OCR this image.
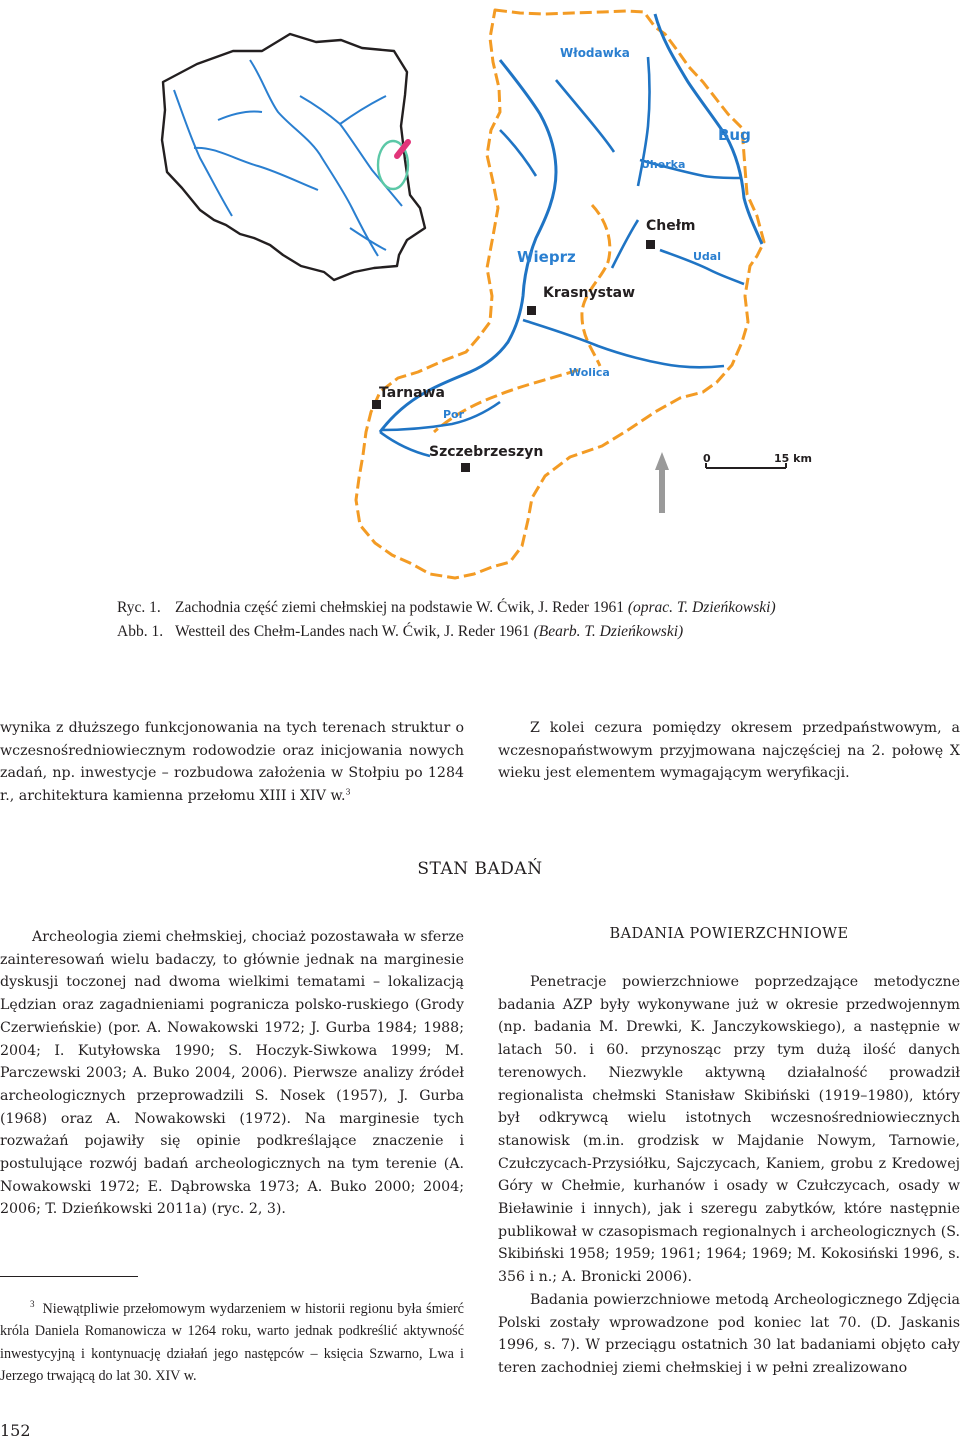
Włodawka
Bug
Uherka
Chełm
Udal
Wieprz
Krasnystaw
Wolica
Tarnawa
Por
Szczebrzeszyn	0	15 km
Ryc. 1. Zachodnia część ziemi chełmskiej na podstawie W. Ćwik, J. Reder 1961 (oprac. T. Dzieńkowski)
Abb. 1. Westteil des Chełm-Landes nach W. Ćwik, J. Reder 1961 (Bearb. T. Dzieńkowski)

wynika z dłuższego funkcjonowania na tych terenach struktur o wczesnośredniowiecznym rodowodzie oraz inicjowania nowych zadań, np. inwestycje – rozbudowa założenia w Stołpiu po 1284 r., architektura kamienna przełomu XIII i XIV w.$^3$

Z kolei cezura pomiędzy okresem przedpaństwowym, a wczesnopaństwowym przyjmowana najczęściej na 2. połowę X wieku jest elementem wymagającym weryfikacji.

STAN BADAŃ

Archeologia ziemi chełmskiej, chociaż pozostawała w sferze zainteresowań wielu badaczy, to głównie jednak na marginesie dyskusji toczonej nad dwoma wielkimi tematami – lokalizacją Lędzian oraz zagadnieniami pogranicza polsko-ruskiego (Grody Czerwieńskie) (por. A. Nowakowski 1972; J. Gurba 1984; 1988; 2004; I. Kutyłowska 1990; S. Hoczyk-Siwkowa 1999; M. Parczewski 2003; A. Buko 2004, 2006). Pierwsze analizy źródeł archeologicznych przeprowadzili S. Nosek (1957), J. Gurba (1968) oraz A. Nowakowski (1972). Na marginesie tych rozważań pojawiły się opinie podkreślające znaczenie i postulujące rozwój badań archeologicznych na tym terenie (A. Nowakowski 1972; E. Dąbrowska 1973; A. Buko 2000; 2004; 2006; T. Dzieńkowski 2011a) (ryc. 2, 3).

BADANIA POWIERZCHNIOWE

Penetracje powierzchniowe poprzedzające metodyczne badania AZP były wykonywane już w okresie przedwojennym (np. badania M. Drewki, K. Janczykowskiego), a następnie w latach 50. i 60. przynosząc przy tym dużą ilość danych terenowych. Niezwykle aktywną działalność prowadził regionalista chełmski Stanisław Skibiński (1919–1980), który był odkrywcą wielu istotnych wczesnośredniowiecznych stanowisk (m.in. grodzisk w Majdanie Nowym, Tarnowie, Czułczycach-Przysiółku, Sajczycach, Kaniem, grobu z Kredowej Góry w Chełmie, kurhanów i osady w Czułczycach, osady w Bieławinie i innych), jak i szeregu zabytków, które następnie publikował w czasopismach regionalnych i archeologicznych (S. Skibiński 1958; 1959; 1961; 1964; 1969; M. Kokosiński 1996, s. 356 i n.; A. Bronicki 2006).

Badania powierzchniowe metodą Archeologicznego Zdjęcia Polski zostały wprowadzone pod koniec lat 70. (D. Jaskanis 1996, s. 7). W przeciągu ostatnich 30 lat badaniami objęto cały teren zachodniej ziemi chełmskiej i w pełni zrealizowano

$^3$ Niewątpliwie przełomowym wydarzeniem w historii regionu była śmierć króla Daniela Romanowicza w 1264 roku, warto jednak podkreślić aktywność inwestycyjną i kontynuację działań jego następców – księcia Szwarno, Lwa i Jerzego trwającą do lat 30. XIV w.

152
